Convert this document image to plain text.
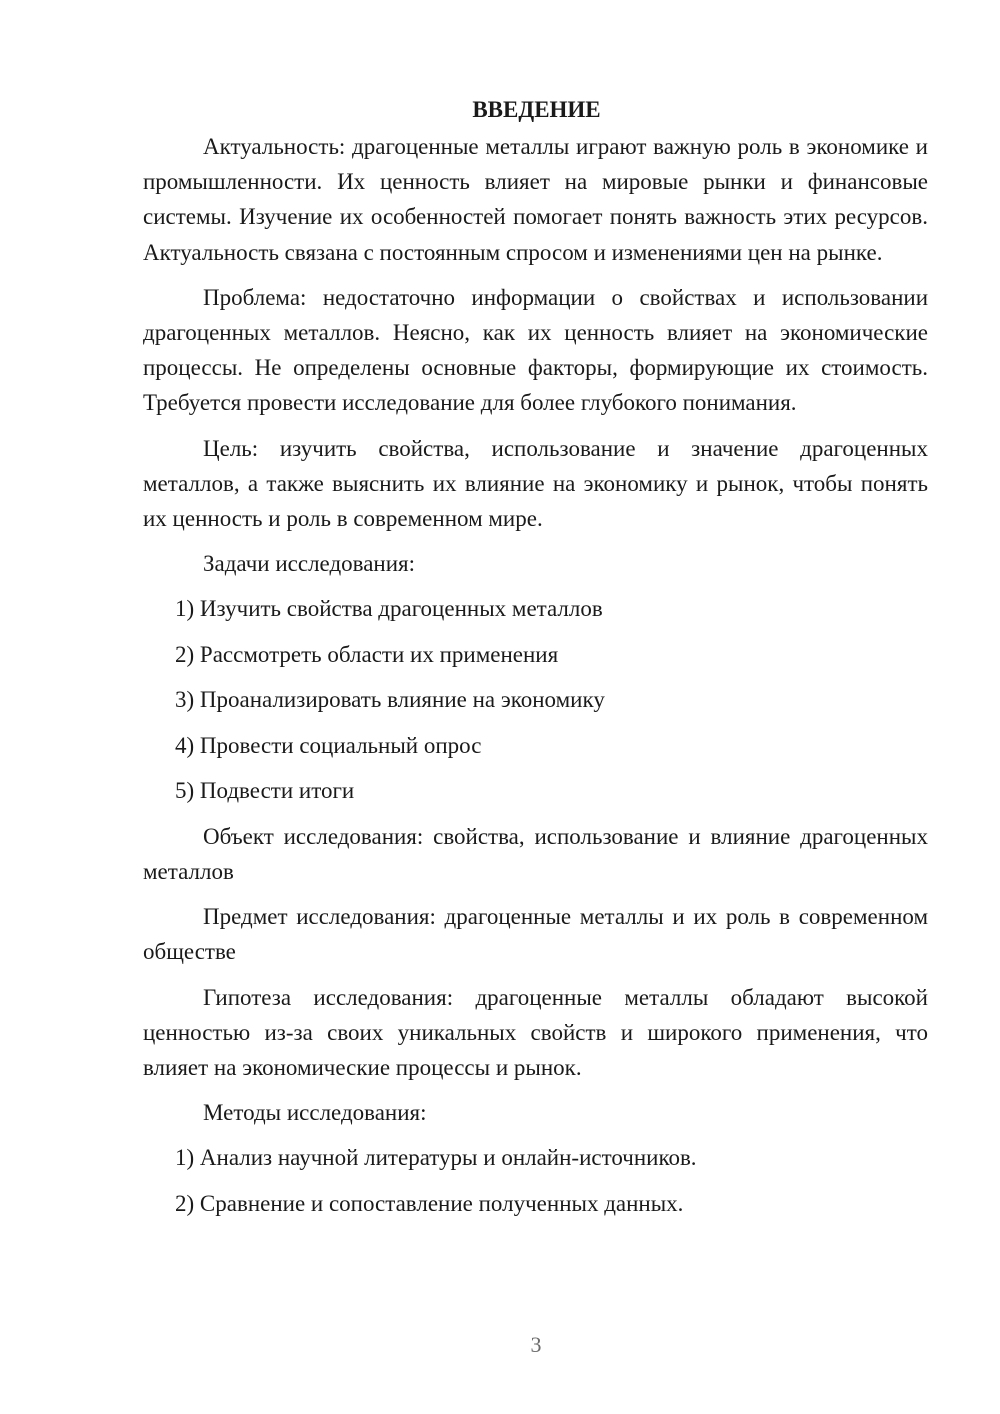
ВВЕДЕНИЕ

Актуальность: драгоценные металлы играют важную роль в экономике и промышленности. Их ценность влияет на мировые рынки и финансовые системы. Изучение их особенностей помогает понять важность этих ресурсов. Актуальность связана с постоянным спросом и изменениями цен на рынке.

Проблема: недостаточно информации о свойствах и использовании драгоценных металлов. Неясно, как их ценность влияет на экономические процессы. Не определены основные факторы, формирующие их стоимость. Требуется провести исследование для более глубокого понимания.

Цель: изучить свойства, использование и значение драгоценных металлов, а также выяснить их влияние на экономику и рынок, чтобы понять их ценность и роль в современном мире.

Задачи исследования:

1) Изучить свойства драгоценных металлов
2) Рассмотреть области их применения
3) Проанализировать влияние на экономику
4) Провести социальный опрос
5) Подвести итоги

Объект исследования: свойства, использование и влияние драгоценных металлов

Предмет исследования: драгоценные металлы и их роль в современном обществе

Гипотеза исследования: драгоценные металлы обладают высокой ценностью из-за своих уникальных свойств и широкого применения, что влияет на экономические процессы и рынок.

Методы исследования:

1) Анализ научной литературы и онлайн-источников.
2) Сравнение и сопоставление полученных данных.
3
